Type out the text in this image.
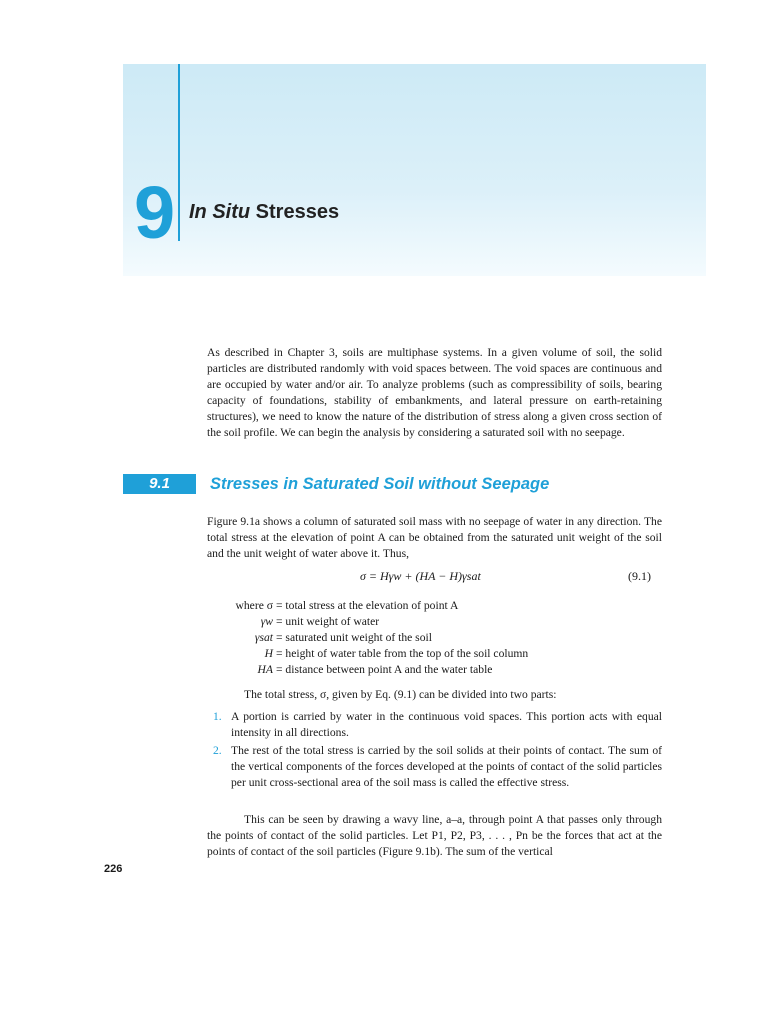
9 In Situ Stresses

As described in Chapter 3, soils are multiphase systems. In a given volume of soil, the solid particles are distributed randomly with void spaces between. The void spaces are continuous and are occupied by water and/or air. To analyze problems (such as compressibility of soils, bearing capacity of foundations, stability of embankments, and lateral pressure on earth-retaining structures), we need to know the nature of the distribution of stress along a given cross section of the soil profile. We can begin the analysis by considering a saturated soil with no seepage.

9.1	Stresses in Saturated Soil without Seepage

Figure 9.1a shows a column of saturated soil mass with no seepage of water in any direction. The total stress at the elevation of point A can be obtained from the saturated unit weight of the soil and the unit weight of water above it. Thus,

σ = Hγw + (HA − H)γsat	(9.1)
where σ = total stress at the elevation of point A
γw = unit weight of water
γsat = saturated unit weight of the soil
H = height of water table from the top of the soil column
HA = distance between point A and the water table

The total stress, σ, given by Eq. (9.1) can be divided into two parts:

1. A portion is carried by water in the continuous void spaces. This portion acts with equal intensity in all directions.
2. The rest of the total stress is carried by the soil solids at their points of contact. The sum of the vertical components of the forces developed at the points of contact of the solid particles per unit cross-sectional area of the soil mass is called the effective stress.

This can be seen by drawing a wavy line, a–a, through point A that passes only through the points of contact of the solid particles. Let P1, P2, P3, . . . , Pn be the forces that act at the points of contact of the soil particles (Figure 9.1b). The sum of the vertical

226
